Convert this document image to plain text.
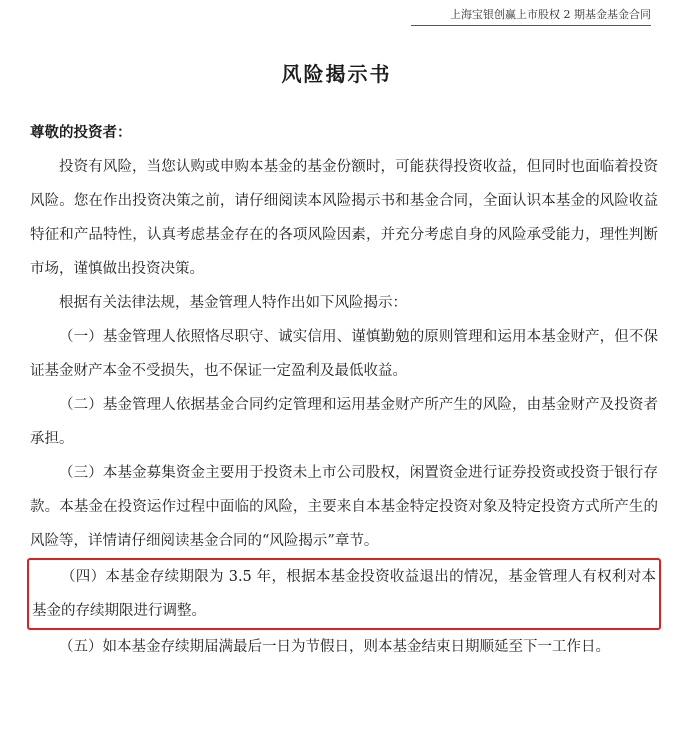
上海宝银创赢上市股权 2 期基金基金合同
风险揭示书

尊敬的投资者：

投资有风险，当您认购或申购本基金的基金份额时，可能获得投资收益，但同时也面临着投资风险。您在作出投资决策之前，请仔细阅读本风险揭示书和基金合同，全面认识本基金的风险收益特征和产品特性，认真考虑基金存在的各项风险因素，并充分考虑自身的风险承受能力，理性判断市场，谨慎做出投资决策。

根据有关法律法规，基金管理人特作出如下风险揭示：

（一）基金管理人依照恪尽职守、诚实信用、谨慎勤勉的原则管理和运用本基金财产，但不保证基金财产本金不受损失，也不保证一定盈利及最低收益。

（二）基金管理人依据基金合同约定管理和运用基金财产所产生的风险，由基金财产及投资者承担。

（三）本基金募集资金主要用于投资未上市公司股权，闲置资金进行证券投资或投资于银行存款。本基金在投资运作过程中面临的风险，主要来自本基金特定投资对象及特定投资方式所产生的风险等，详情请仔细阅读基金合同的“风险揭示”章节。

（四）本基金存续期限为 3.5 年，根据本基金投资收益退出的情况，基金管理人有权利对本基金的存续期限进行调整。

（五）如本基金存续期届满最后一日为节假日，则本基金结束日期顺延至下一工作日。
